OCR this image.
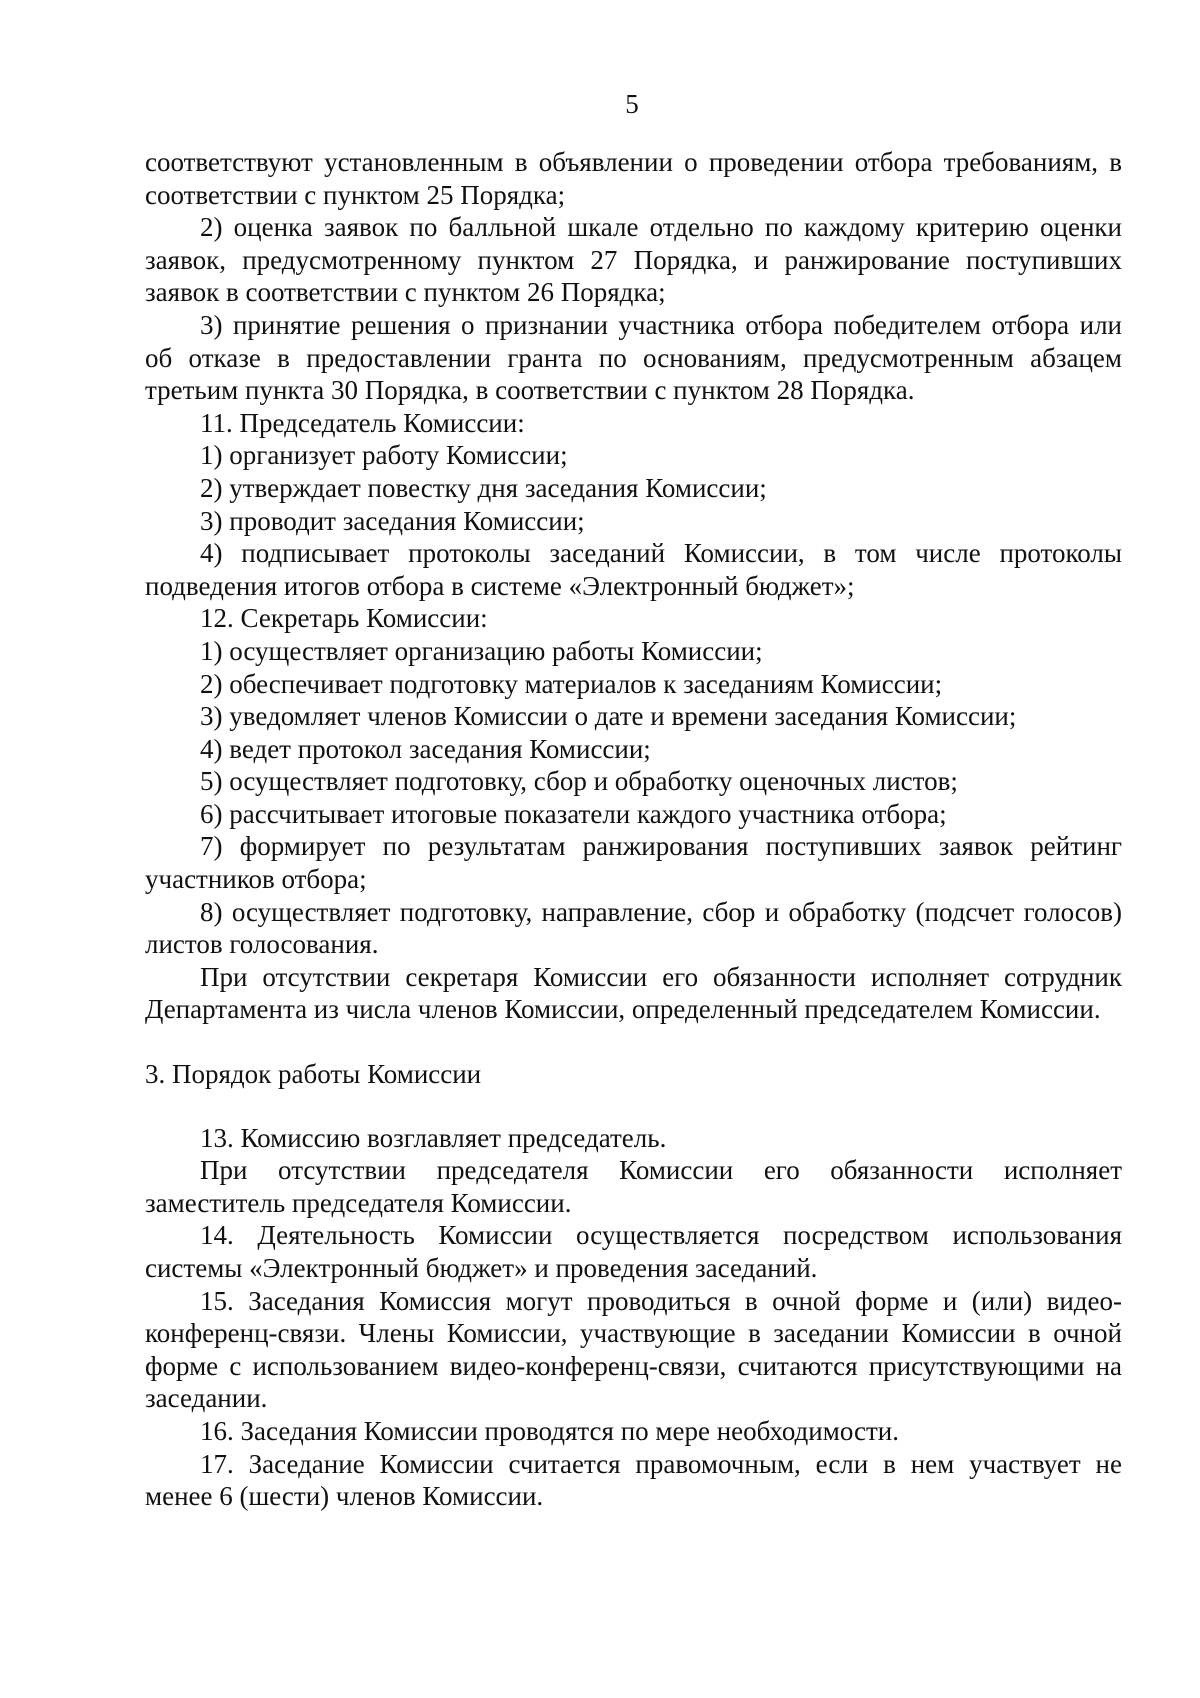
5

соответствуют установленным в объявлении о проведении отбора требованиям, в соответствии с пунктом 25 Порядка;

2) оценка заявок по балльной шкале отдельно по каждому критерию оценки заявок, предусмотренному пунктом 27 Порядка, и ранжирование поступивших заявок в соответствии с пунктом 26 Порядка;

3) принятие решения о признании участника отбора победителем отбора или об отказе в предоставлении гранта по основаниям, предусмотренным абзацем третьим пункта 30 Порядка, в соответствии с пунктом 28 Порядка.

11. Председатель Комиссии:

1) организует работу Комиссии;

2) утверждает повестку дня заседания Комиссии;

3) проводит заседания Комиссии;

4) подписывает протоколы заседаний Комиссии, в том числе протоколы подведения итогов отбора в системе «Электронный бюджет»;

12. Секретарь Комиссии:

1) осуществляет организацию работы Комиссии;

2) обеспечивает подготовку материалов к заседаниям Комиссии;

3) уведомляет членов Комиссии о дате и времени заседания Комиссии;

4) ведет протокол заседания Комиссии;

5) осуществляет подготовку, сбор и обработку оценочных листов;

6) рассчитывает итоговые показатели каждого участника отбора;

7) формирует по результатам ранжирования поступивших заявок рейтинг участников отбора;

8) осуществляет подготовку, направление, сбор и обработку (подсчет голосов) листов голосования.

При отсутствии секретаря Комиссии его обязанности исполняет сотрудник Департамента из числа членов Комиссии, определенный председателем Комиссии.

3. Порядок работы Комиссии

13. Комиссию возглавляет председатель.

При отсутствии председателя Комиссии его обязанности исполняет заместитель председателя Комиссии.

14. Деятельность Комиссии осуществляется посредством использования системы «Электронный бюджет» и проведения заседаний.

15. Заседания Комиссия могут проводиться в очной форме и (или) видео-конференц-связи. Члены Комиссии, участвующие в заседании Комиссии в очной форме с использованием видео-конференц-связи, считаются присутствующими на заседании.

16. Заседания Комиссии проводятся по мере необходимости.

17. Заседание Комиссии считается правомочным, если в нем участвует не менее 6 (шести) членов Комиссии.
